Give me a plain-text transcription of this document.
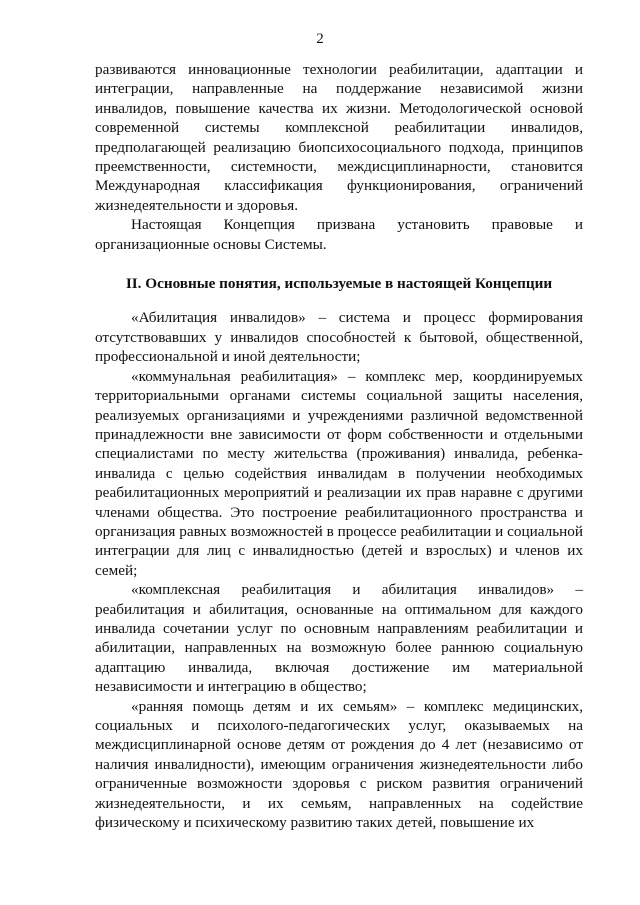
2

развиваются инновационные технологии реабилитации, адаптации и интеграции, направленные на поддержание независимой жизни инвалидов, повышение качества их жизни. Методологической основой современной системы комплексной реабилитации инвалидов, предполагающей реализацию биопсихосоциального подхода, принципов преемственности, системности, междисциплинарности, становится Международная классификация функционирования, ограничений жизнедеятельности и здоровья.

Настоящая Концепция призвана установить правовые и организационные основы Системы.

II. Основные понятия, используемые в настоящей Концепции

«Абилитация инвалидов» – система и процесс формирования отсутствовавших у инвалидов способностей к бытовой, общественной, профессиональной и иной деятельности;

«коммунальная реабилитация» – комплекс мер, координируемых территориальными органами системы социальной защиты населения, реализуемых организациями и учреждениями различной ведомственной принадлежности вне зависимости от форм собственности и отдельными специалистами по месту жительства (проживания) инвалида, ребенка-инвалида с целью содействия инвалидам в получении необходимых реабилитационных мероприятий и реализации их прав наравне с другими членами общества. Это построение реабилитационного пространства и организация равных возможностей в процессе реабилитации и социальной интеграции для лиц с инвалидностью (детей и взрослых) и членов их семей;

«комплексная реабилитация и абилитация инвалидов» – реабилитация и абилитация, основанные на оптимальном для каждого инвалида сочетании услуг по основным направлениям реабилитации и абилитации, направленных на возможную более раннюю социальную адаптацию инвалида, включая достижение им материальной независимости и интеграцию в общество;

«ранняя помощь детям и их семьям» – комплекс медицинских, социальных и психолого-педагогических услуг, оказываемых на междисциплинарной основе детям от рождения до 4 лет (независимо от наличия инвалидности), имеющим ограничения жизнедеятельности либо ограниченные возможности здоровья с риском развития ограничений жизнедеятельности, и их семьям, направленных на содействие физическому и психическому развитию таких детей, повышение их
